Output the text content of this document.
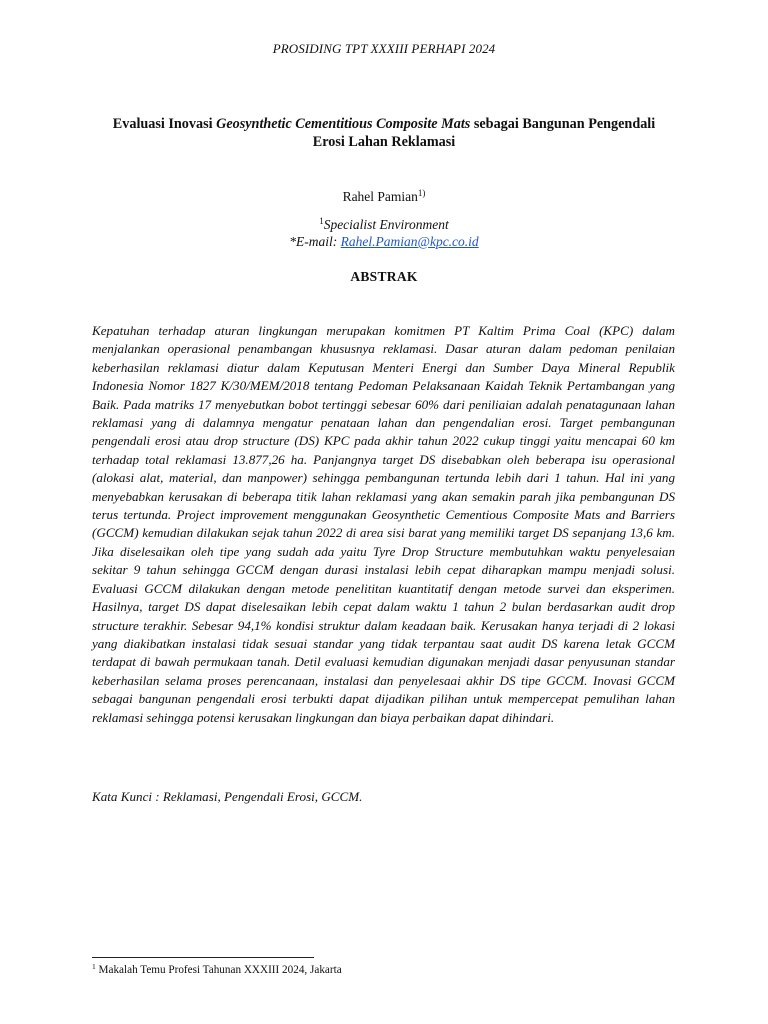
PROSIDING TPT XXXIII PERHAPI 2024
Evaluasi Inovasi Geosynthetic Cementitious Composite Mats sebagai Bangunan Pengendali Erosi Lahan Reklamasi
Rahel Pamian$^{1)}$
$^1$Specialist Environment
*E-mail: Rahel.Pamian@kpc.co.id
ABSTRAK

Kepatuhan terhadap aturan lingkungan merupakan komitmen PT Kaltim Prima Coal (KPC) dalam menjalankan operasional penambangan khususnya reklamasi. Dasar aturan dalam pedoman penilaian keberhasilan reklamasi diatur dalam Keputusan Menteri Energi dan Sumber Daya Mineral Republik Indonesia Nomor 1827 K/30/MEM/2018 tentang Pedoman Pelaksanaan Kaidah Teknik Pertambangan yang Baik. Pada matriks 17 menyebutkan bobot tertinggi sebesar 60% dari peniliaian adalah penatagunaan lahan reklamasi yang di dalamnya mengatur penataan lahan dan pengendalian erosi. Target pembangunan pengendali erosi atau drop structure (DS) KPC pada akhir tahun 2022 cukup tinggi yaitu mencapai 60 km terhadap total reklamasi 13.877,26 ha. Panjangnya target DS disebabkan oleh beberapa isu operasional (alokasi alat, material, dan manpower) sehingga pembangunan tertunda lebih dari 1 tahun. Hal ini yang menyebabkan kerusakan di beberapa titik lahan reklamasi yang akan semakin parah jika pembangunan DS terus tertunda. Project improvement menggunakan Geosynthetic Cementious Composite Mats and Barriers (GCCM) kemudian dilakukan sejak tahun 2022 di area sisi barat yang memiliki target DS sepanjang 13,6 km. Jika diselesaikan oleh tipe yang sudah ada yaitu Tyre Drop Structure membutuhkan waktu penyelesaian sekitar 9 tahun sehingga GCCM dengan durasi instalasi lebih cepat diharapkan mampu menjadi solusi. Evaluasi GCCM dilakukan dengan metode penelititan kuantitatif dengan metode survei dan eksperimen. Hasilnya, target DS dapat diselesaikan lebih cepat dalam waktu 1 tahun 2 bulan berdasarkan audit drop structure terakhir. Sebesar 94,1% kondisi struktur dalam keadaan baik. Kerusakan hanya terjadi di 2 lokasi yang diakibatkan instalasi tidak sesuai standar yang tidak terpantau saat audit DS karena letak GCCM terdapat di bawah permukaan tanah. Detil evaluasi kemudian digunakan menjadi dasar penyusunan standar keberhasilan selama proses perencanaan, instalasi dan penyelesaai akhir DS tipe GCCM. Inovasi GCCM sebagai bangunan pengendali erosi terbukti dapat dijadikan pilihan untuk mempercepat pemulihan lahan reklamasi sehingga potensi kerusakan lingkungan dan biaya perbaikan dapat dihindari.

Kata Kunci : Reklamasi, Pengendali Erosi, GCCM.

$^1$ Makalah Temu Profesi Tahunan XXXIII 2024, Jakarta
